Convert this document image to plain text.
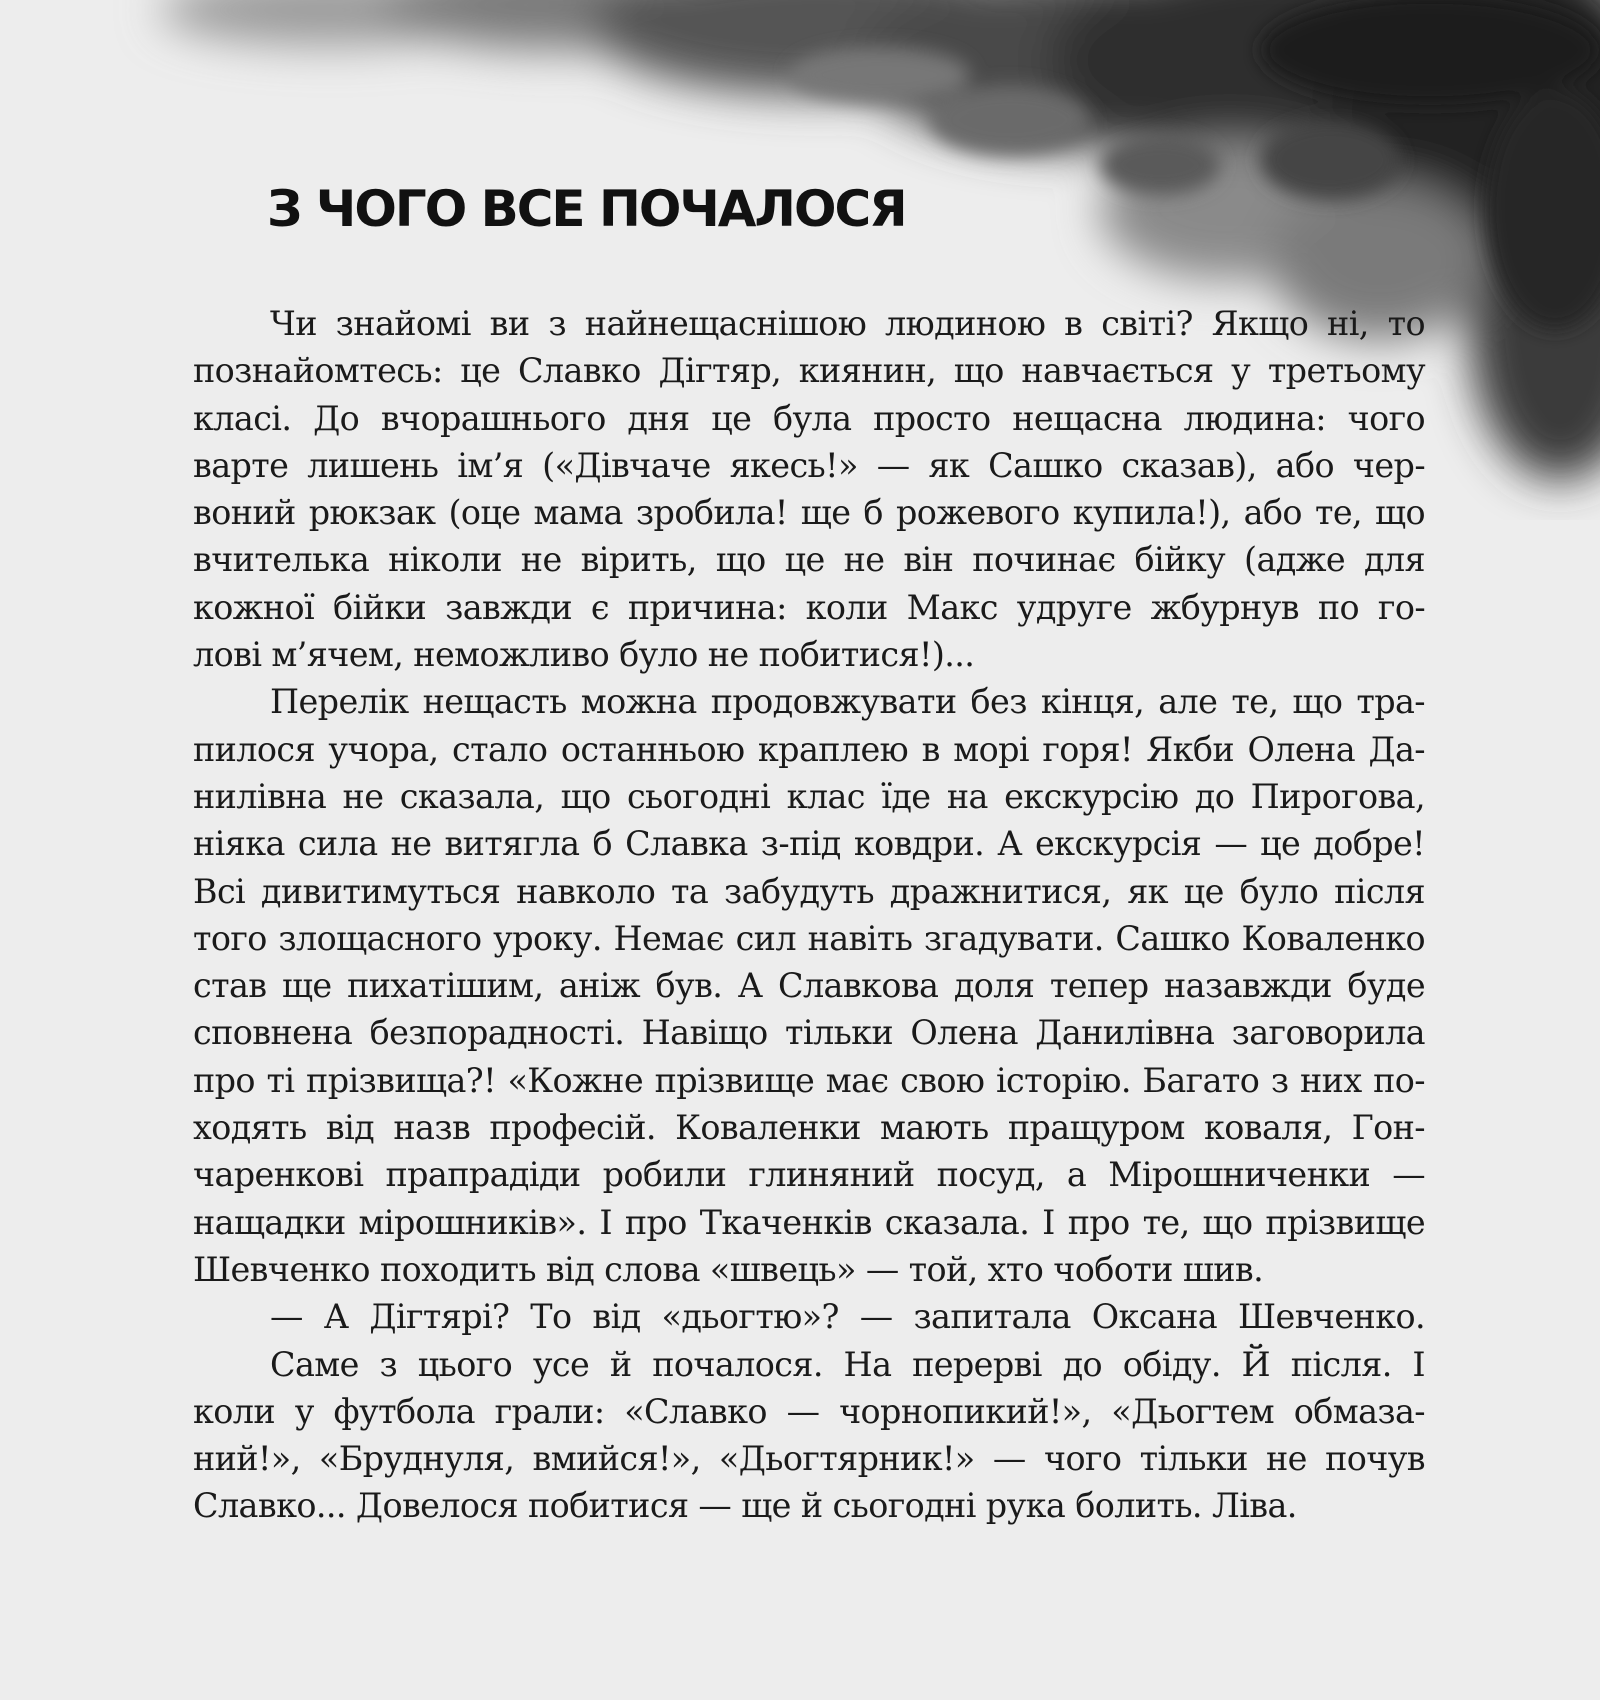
З ЧОГО ВСЕ ПОЧАЛОСЯ
Чи знайомі ви з найнещаснішою людиною в світі? Якщо ні, то
познайомтесь: це Славко Дігтяр, киянин, що навчається у третьому
класі. До вчорашнього дня це була просто нещасна людина: чого
варте лишень ім’я («Дівчаче якесь!» — як Сашко сказав), або чер-
воний рюкзак (оце мама зробила! ще б рожевого купила!), або те, що
вчителька ніколи не вірить, що це не він починає бійку (адже для
кожної бійки завжди є причина: коли Макс удруге жбурнув по го-
лові м’ячем, неможливо було не побитися!)...
Перелік нещасть можна продовжувати без кінця, але те, що тра-
пилося учора, стало останньою краплею в морі горя! Якби Олена Да-
нилівна не сказала, що сьогодні клас їде на екскурсію до Пирогова,
ніяка сила не витягла б Славка з-під ковдри. А екскурсія — це добре!
Всі дивитимуться навколо та забудуть дражнитися, як це було після
того злощасного уроку. Немає сил навіть згадувати. Сашко Коваленко
став ще пихатішим, аніж був. А Славкова доля тепер назавжди буде
сповнена безпорадності. Навіщо тільки Олена Данилівна заговорила
про ті прізвища?! «Кожне прізвище має свою історію. Багато з них по-
ходять від назв професій. Коваленки мають пращуром коваля, Гон-
чаренкові прапрадіди робили глиняний посуд, а Мірошниченки —
нащадки мірошників». І про Ткаченків сказала. І про те, що прізвище
Шевченко походить від слова «швець» — той, хто чоботи шив.
— А Дігтярі? То від «дьогтю»? — запитала Оксана Шевченко.
Саме з цього усе й почалося. На перерві до обіду. Й після. І
коли у футбола грали: «Славко — чорнопикий!», «Дьогтем обмаза-
ний!», «Бруднуля, вмийся!», «Дьогтярник!» — чого тільки не почув
Славко... Довелося побитися — ще й сьогодні рука болить. Ліва.
